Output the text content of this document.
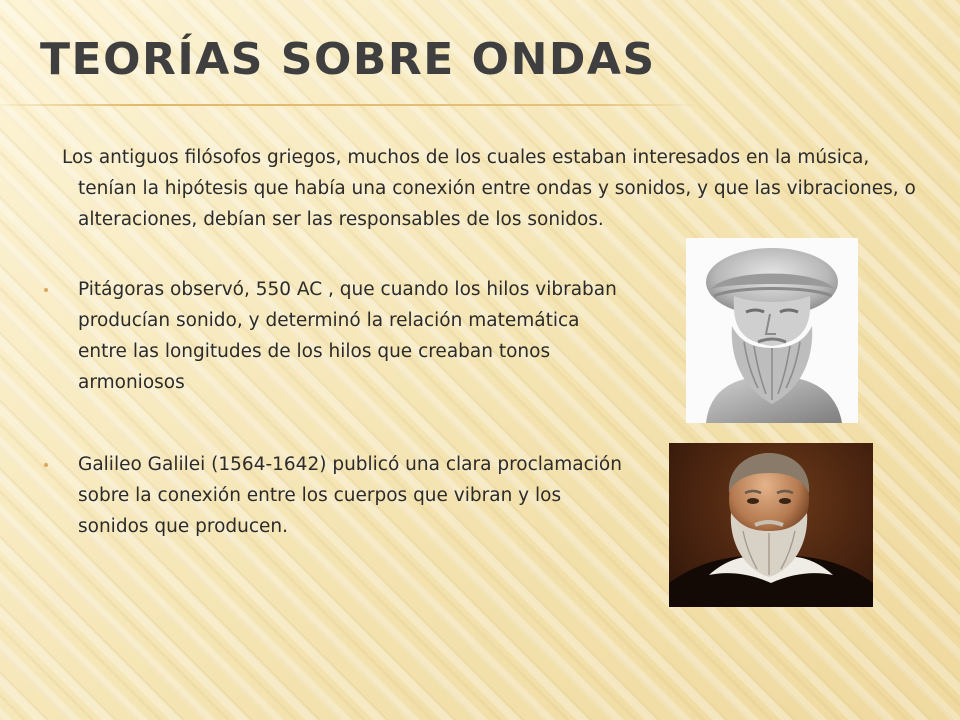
TEORÍAS SOBRE ONDAS

Los antiguos filósofos griegos, muchos de los cuales estaban interesados en la música, tenían la hipótesis que había una conexión entre ondas y sonidos, y que las vibraciones, o alteraciones, debían ser las responsables de los sonidos.

Pitágoras observó, 550 AC , que cuando los hilos vibraban producían sonido, y determinó la relación matemática entre las longitudes de los hilos que creaban tonos armoniosos
Galileo Galilei (1564-1642) publicó una clara proclamación sobre la conexión entre los cuerpos que vibran y los sonidos que producen.
